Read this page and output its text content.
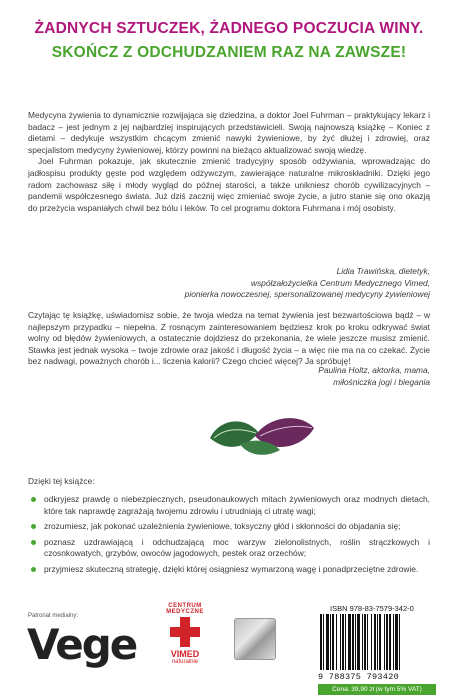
ŻADNYCH SZTUCZEK, ŻADNEGO POCZUCIA WINY.
SKOŃCZ Z ODCHUDZANIEM RAZ NA ZAWSZE!

Medycyna żywienia to dynamicznie rozwijająca się dziedzina, a doktor Joel Fuhrman – praktykujący lekarz i badacz – jest jednym z jej najbardziej inspirujących przedstawicieli. Swoją najnowszą książkę – Koniec z dietami – dedykuje wszystkim chcącym zmienić nawyki żywieniowe, by żyć dłużej i zdrowiej, oraz specjalistom medycyny żywieniowej, którzy powinni na bieżąco aktualizować swoją wiedzę.

Joel Fuhrman pokazuje, jak skutecznie zmienić tradycyjny sposób odżywiania, wprowadzając do jadłospisu produkty gęste pod względem odżywczym, zawierające naturalne mikroskładniki. Dzięki jego radom zachowasz siłę i młody wygląd do późnej starości, a także unikniesz chorób cywilizacyjnych – pandemii współczesnego świata. Już dziś zacznij więc zmieniać swoje życie, a jutro stanie się ono okazją do przeżycia wspaniałych chwil bez bólu i leków. To cel programu doktora Fuhrmana i mój osobisty.

Lidia Trawińska, dietetyk,
współzałożycielka Centrum Medycznego Vimed,
pionierka nowoczesnej, spersonalizowanej medycyny żywieniowej
Czytając tę książkę, uświadomisz sobie, że twoja wiedza na temat żywienia jest bezwartościowa bądź – w najlepszym przypadku – niepełna. Z rosnącym zainteresowaniem będziesz krok po kroku odkrywać świat wolny od błędów żywieniowych, a ostatecznie dojdziesz do przekonania, że wiele jeszcze musisz zmienić. Stawka jest jednak wysoka – twoje zdrowie oraz jakość i długość życia – a więc nie ma na co czekać. Życie bez nadwagi, poważnych chorób i... liczenia kalorii? Czego chcieć więcej? Ja spróbuję!
Paulina Holtz, aktorka, mama,
miłośniczka jogi i biegania
Dzięki tej książce:
odkryjesz prawdę o niebezpiecznych, pseudonaukowych mitach żywieniowych oraz modnych dietach, które tak naprawdę zagrażają twojemu zdrowiu i utrudniają ci utratę wagi;
zrozumiesz, jak pokonać uzależnienia żywieniowe, toksyczny głód i skłonności do objadania się;
poznasz uzdrawiającą i odchudzającą moc warzyw zielonolistnych, roślin strączkowych i czosnkowatych, grzybów, owoców jagodowych, pestek oraz orzechów;
przyjmiesz skuteczną strategię, dzięki której osiągniesz wymarzoną wagę i ponadprzeciętne zdrowie.
Patronat medialny:
Vege
CENTRUM MEDYCZNE
VIMED
naturalnie
ISBN 978-83-7579-342-0
9 788375 793420
Cena: 39,90 zł (w tym 5% VAT)
